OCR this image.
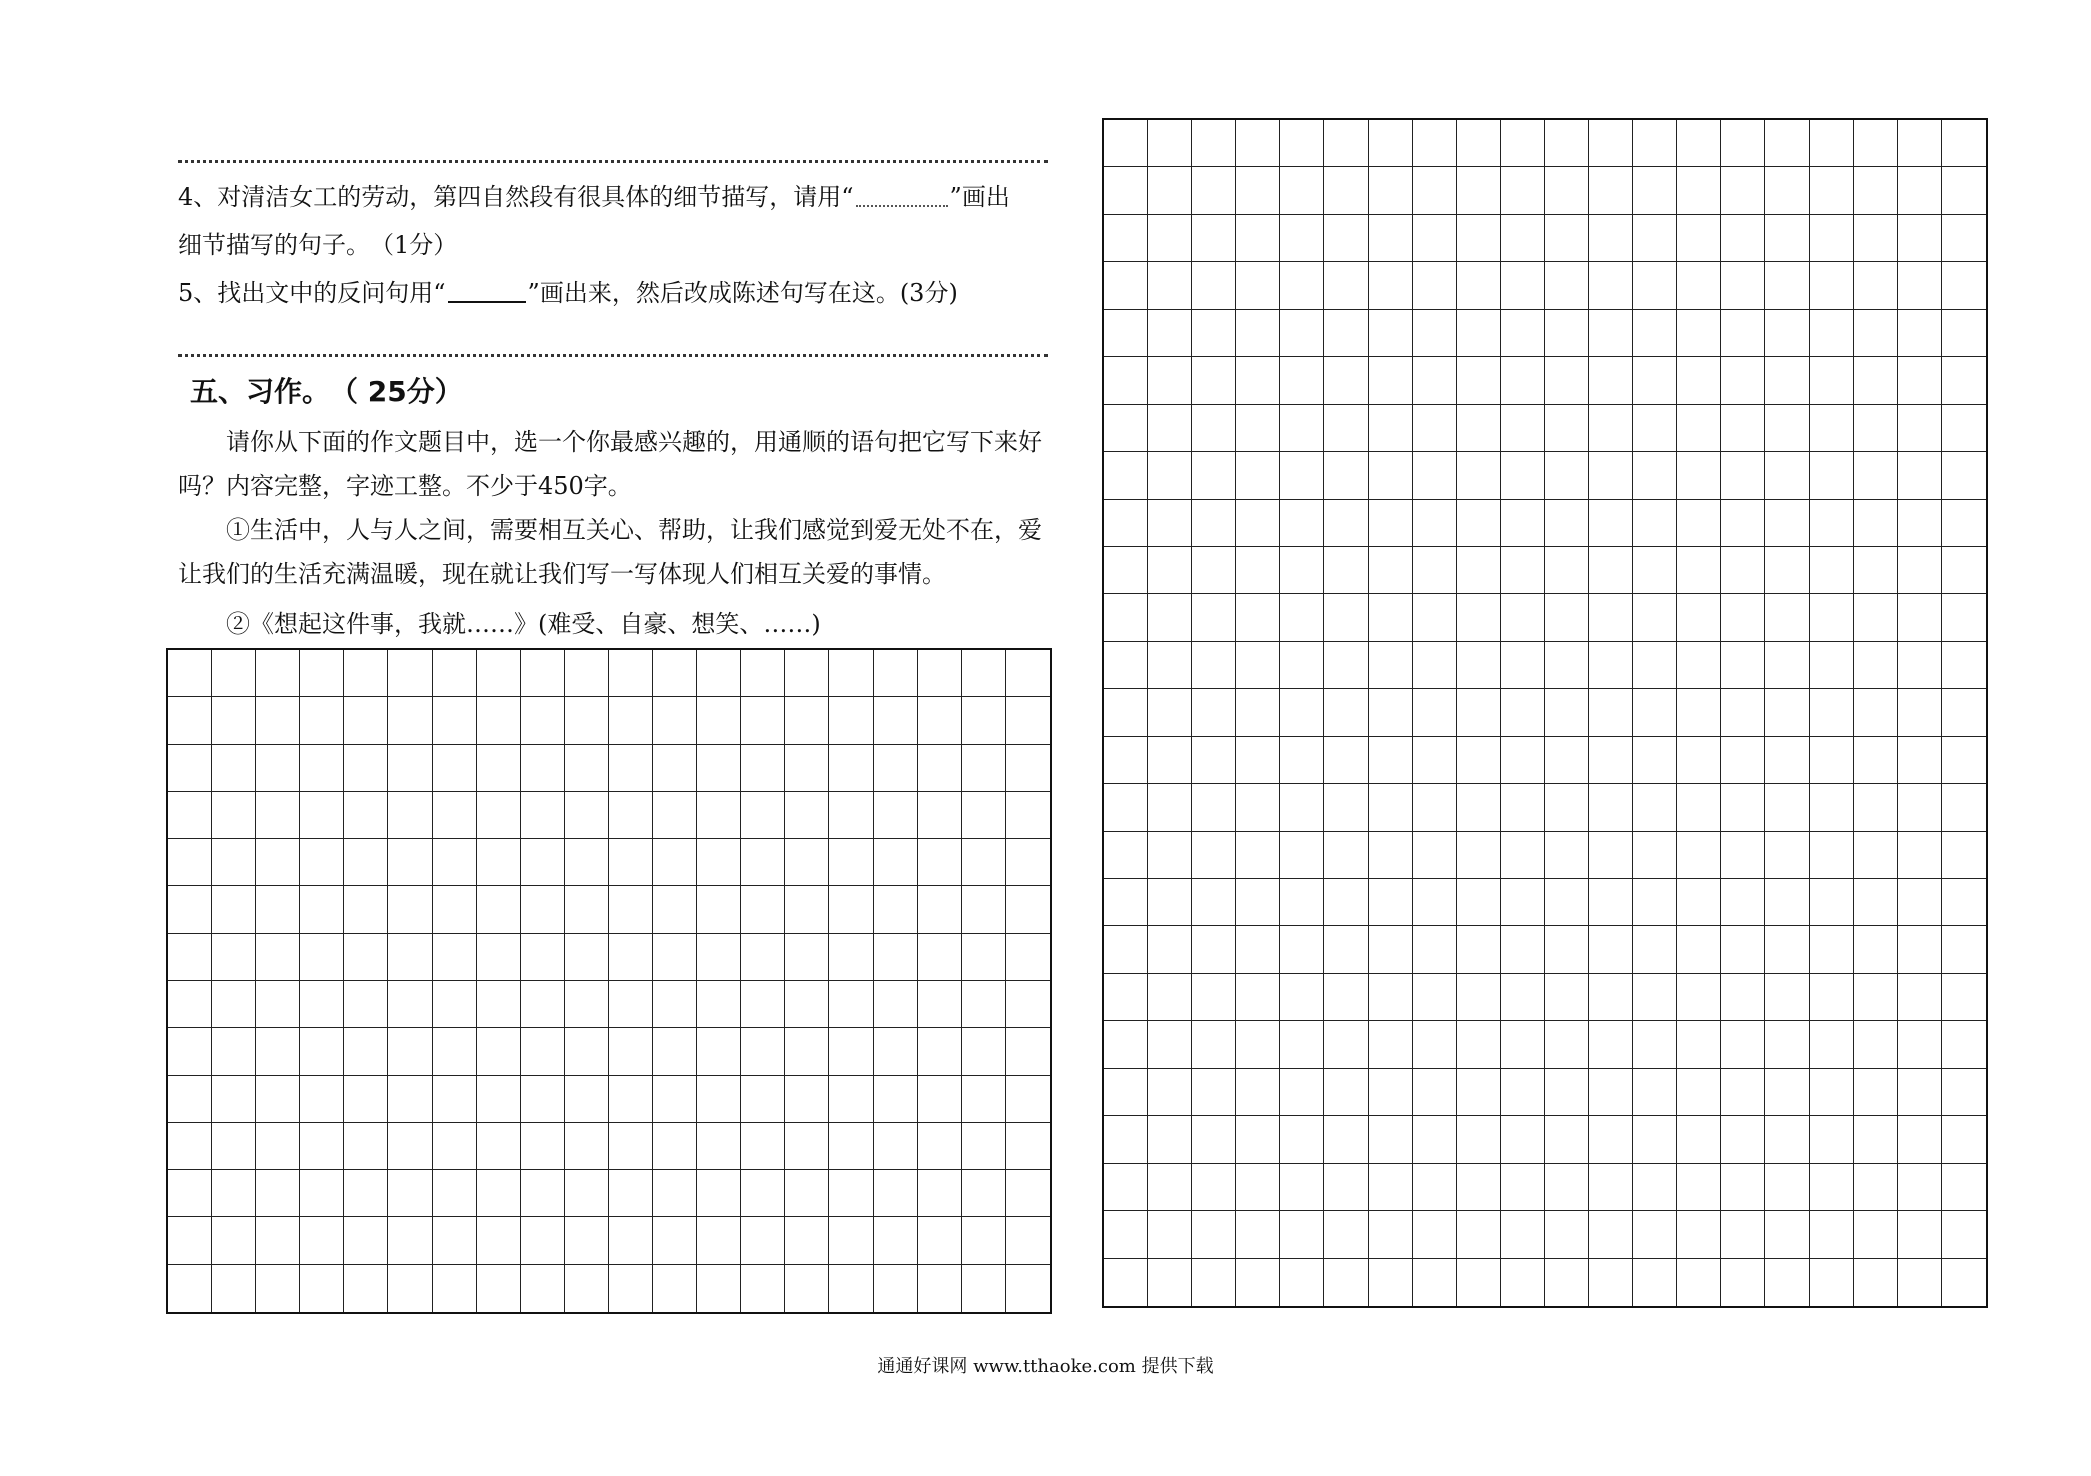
4、对清洁女工的劳动，第四自然段有很具体的细节描写，请用“	”画出
细节描写的句子。　（1分）
5、找出文中的反问句用“	”画出来，然后改成陈述句写在这。(3分)
五、习作。　（ 25分）
请你从下面的作文题目中，选一个你最感兴趣的，用通顺的语句把它写下来好吗？内容完整，字迹工整。不少于450字。
①生活中，人与人之间，需要相互关心、帮助，让我们感觉到爱无处不在，爱让我们的生活充满温暖，现在就让我们写一写体现人们相互关爱的事情。
②《想起这件事，我就……》(难受、自豪、想笑、……)
通通好课网 www.tthaoke.com 提供下载
